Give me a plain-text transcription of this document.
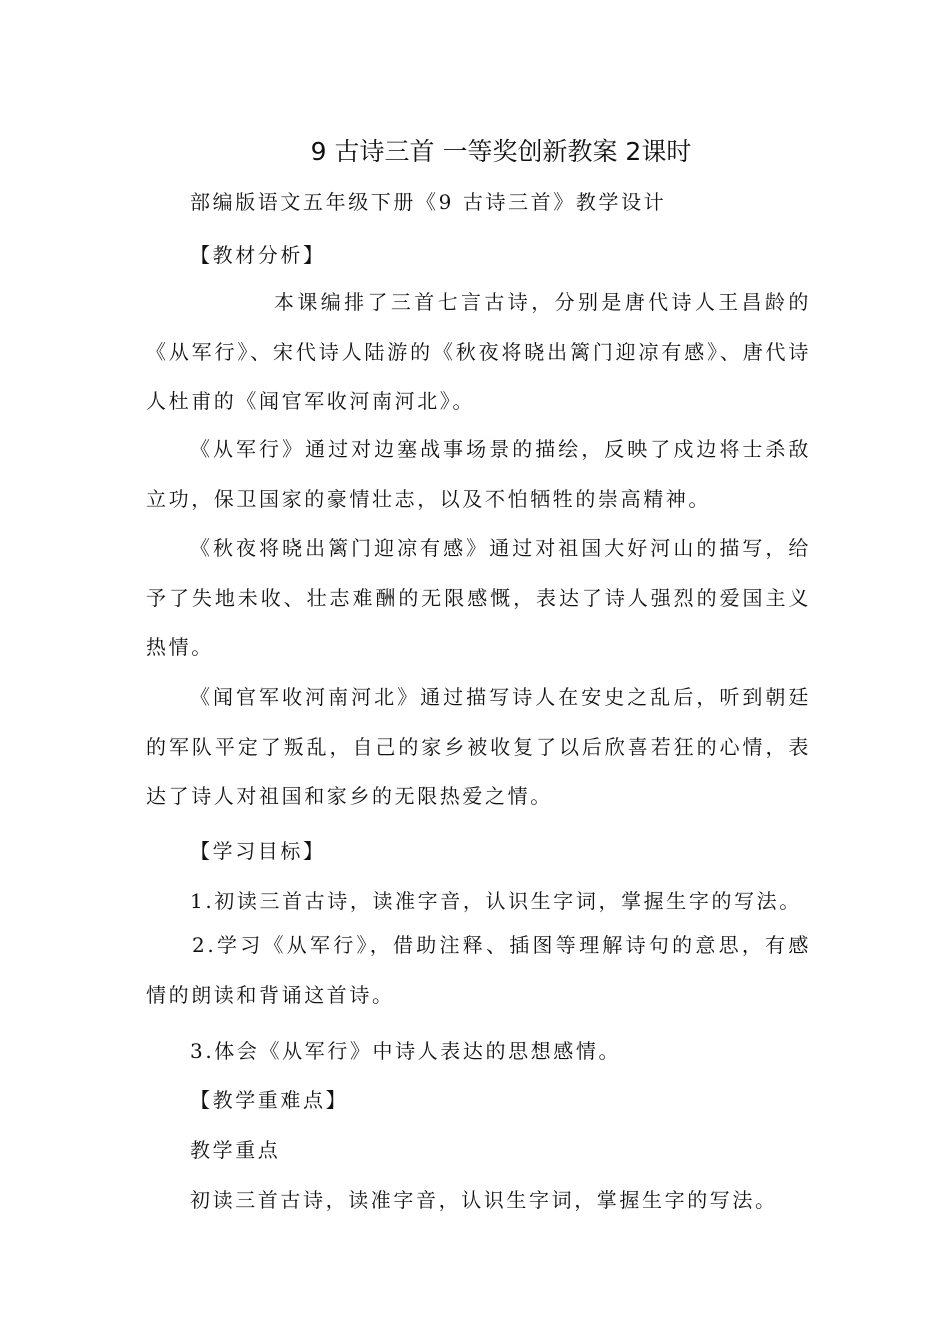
9 古诗三首 一等奖创新教案 2课时

部编版语文五年级下册《9 古诗三首》教学设计

【教材分析】

本课编排了三首七言古诗，分别是唐代诗人王昌龄的《从军行》、宋代诗人陆游的《秋夜将晓出篱门迎凉有感》、唐代诗人杜甫的《闻官军收河南河北》。

《从军行》通过对边塞战事场景的描绘，反映了戍边将士杀敌立功，保卫国家的豪情壮志，以及不怕牺牲的崇高精神。

《秋夜将晓出篱门迎凉有感》通过对祖国大好河山的描写，给予了失地未收、壮志难酬的无限感慨，表达了诗人强烈的爱国主义热情。

《闻官军收河南河北》通过描写诗人在安史之乱后，听到朝廷的军队平定了叛乱，自己的家乡被收复了以后欣喜若狂的心情，表达了诗人对祖国和家乡的无限热爱之情。

【学习目标】

1.初读三首古诗，读准字音，认识生字词，掌握生字的写法。

2.学习《从军行》，借助注释、插图等理解诗句的意思，有感情的朗读和背诵这首诗。

3.体会《从军行》中诗人表达的思想感情。

【教学重难点】

教学重点

初读三首古诗，读准字音，认识生字词，掌握生字的写法。
